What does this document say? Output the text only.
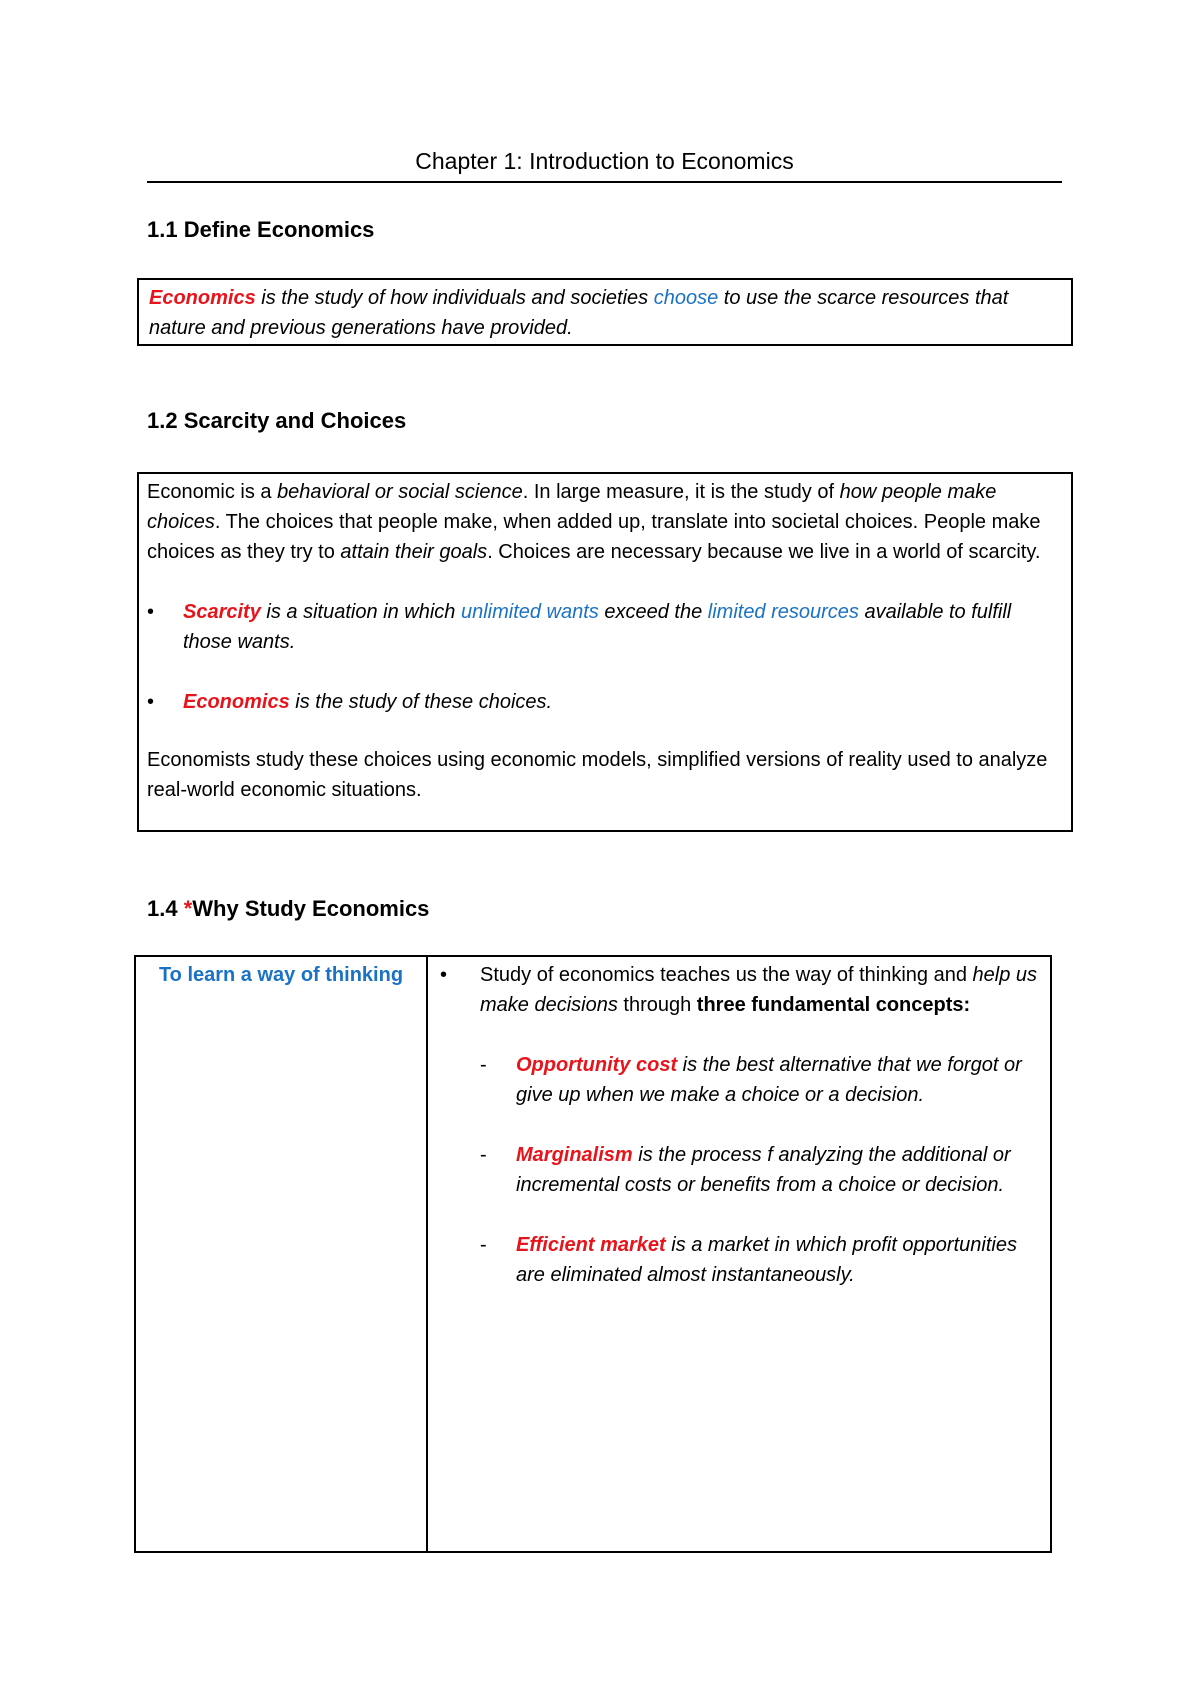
Chapter 1: Introduction to Economics
1.1 Define Economics

Economics is the study of how individuals and societies choose to use the scarce resources that nature and previous generations have provided.

1.2 Scarcity and Choices

Economic is a behavioral or social science. In large measure, it is the study of how people make choices. The choices that people make, when added up, translate into societal choices. People make choices as they try to attain their goals. Choices are necessary because we live in a world of scarcity.

•	Scarcity is a situation in which unlimited wants exceed the limited resources available to fulfill those wants.
•	Economics is the study of these choices.

Economists study these choices using economic models, simplified versions of reality used to analyze real-world economic situations.

1.4 *Why Study Economics
To learn a way of thinking	•	Study of economics teaches us the way of thinking and help us make decisions through three fundamental concepts:
- Opportunity cost is the best alternative that we forgot or give up when we make a choice or a decision.
- Marginalism is the process f analyzing the additional or incremental costs or benefits from a choice or decision.
- Efficient market is a market in which profit opportunities are eliminated almost instantaneously.
